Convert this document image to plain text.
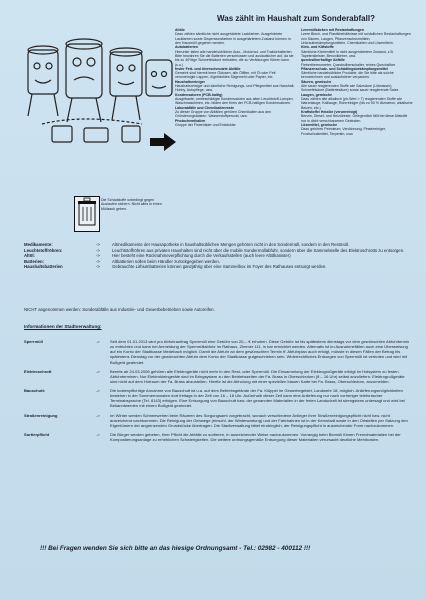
Was zählt im Haushalt zum Sonderabfall?
Die Schadstoffe unbedingt gegen Auslaufen sichern. Nicht alles in einen Müllsack geben.
Altöle
Dazu zählen sämtliche nicht ausgehärtete Lackfarben. Ausgehärtete Lackfarben sowie Dispersionsfarben in ausgehärtetem Zustand können in den Hausmüll gegeben werden.
Autobatterien
Hierunter fallen alle handelsüblichen Auto-, Motorrad- und Traktorbatterien. Bitte bewahren Sie die Batterien verschlossen und auslaufsicher auf, da sie bis zu 40%ige Schwefelsäure enthalten, die zu Verätzungen führen kann. (s.u.)
fester Fett- und ölverschmutzte Abfälle
Gemeint sind hiermit leere Öldosen, alle Ölfilter, mit Öl oder Fett verunreinigte Lappen, ölgetränktes Sägemehl oder Papier, etc.
Haushaltsreiniger
Haushaltsreiniger und sämtliche Reinigungs- und Pflegemittel aus Haushalt, Hobby, Autopflege, usw.
Kondensatoren (PCB-haltig)
Ausgebaute, umbeschädigte Kondensatoren aus alten Leuchtstoff-Lampen, Waschmaschinen, etc. bilden den Kreis der PCB-haltigen Kondensatoren.
Laborabfälle und Chemikalienreste
Zu dieser Gruppe von Abfällen gehören Chemikalien aus den Gründerungsbasten. Wasserstoffperoxid, usw.
Photochemikalien
Gruppe der Fixierbäder und Entwickler.
Leermüllsäcken mit Restanhaftungen
Leere Blech- und Plastikbehältnisse mit schädlichen Restanhaftungen von Säuren, Laugen, Pflanzenschutzmitteln, Unkrautbekämpfungsmitteln, Chemikalien und Lösemitteln.
Kleb- und Kittstoffe
Sämtliche Klebemittel in nicht ausgehärtetem Zustand, z.B. Tapetenkleister, Benzolkleber, usw.
quecksilberhaltige Abfälle
Fieberthermometer, Quecksilberschalter, reines Quecksilber
Pflanzenschutz- und Schädlingsbekämpfungsmittel
Sämtliche handelsübliche Produkte, die Sie bitte als solche kennzeichnen und auslaufsicher verpacken.
Säuren, gemische
Alle sauer reagierenden Stoffe wie Salzsäure (Lötwasser), Schwefelsäure (Batteriesäure) sowie sauer reagierende Salze.
Laugen, gemische
Dazu zählen alle alkalisch (ph-Wert > 7) reagierenden Stoffe wie Natronlauge, Kalilauge, Rohrreiniger (bis zu 90 % Ätznatron, alkalische Beizen, etc.)
Kraftstoffe/ Heizöle (verunreinigt)
Benzin, Diesel- und Heizölreste. Gelegentlich fällt bei diese Altstoffe nur in dicht verschlossenen Gebinden.
Lösemittel, gemische
Dazu gehören Petroleum, Verdünnung, Pinselreiniger, Frostschutzmittel, Terpentin, usw.
Medikamente:	->	Altmedikamente der Hausapotheke in haushaltsüblichen Mengen gehören nicht in den Sondermüll, sondern in den Restmüll.
Leuchtstoffröhren:	->	Leuchtstoffröhren aus privaten Haushalten sind nicht über die mobile Sondermüllabfuhr, sondern über die Sammelstelle des Elektroschrotts zu entsorgen.
Altöl:	->	Hier besteht eine Rücknahmeverpflichtung durch die Verkaufsstellen (auch leere Altölkanister)
Batterien:	->	Altbatterien sollen beim Händler zurückgegeben werden.
Haushaltsbatterien	->	Gebrauchte Lithiumbatterien können ganzjährig über eine Sammelbox im Foyer des Rathauses entsorgt werden.
NICHT angenommen werden: Sonderabfälle aus Industrie- und Gewerbebetrieben sowie Autoreifen.
Informationen der Stadtverwaltung:
Sperrmüll	->	Seit dem 01.01.2013 wird pro Abfuhrauftrag Sperrmüll eine Gebühr von 20,-- € erhoben. Diese Gebühr ist bis spätestens dienstags vor dem gewünschten Abfuhrtermin zu entrichten und kann bei Anmeldung der Sperrmüllabfuhr im Rathaus, Zimmer 111, in bar entrichtet werden. Alternativ ist im Ausnahmefällen auch eine Überweisung auf ein Konto der Stadtkasse Medebach möglich. Damit die Abfuhr an dem gewünschten Termin ff. Abfuhrplan auch erfolgt, müsste in diesen Fällen der Betrag bis spätestens Dienstag vor der gewünschten Abfuhr dem Konto der Stadtkasse gutgeschrieben sein. Widerrechtliches Entsorgen von Sperrmüll ist verboten und wird mit Bußgeld geahndet.
Elektroschrott	->	Bereits ab 24.03.2006 gehören alle Elektrogeräte nicht mehr in den Rest- oder Sperrmüll. Die Einsammlung der Elektrogroßgeräte erfolgt im Holsystem zu festen Abfuhrterminen. Nur Elektrokleingeräte sind im Bringsystem zu den Betriebszeiten der Fa. Brass in Oberschledorn (8 – 16 Uhr) selbst anzuliefern. Elektrogroßgeräte sind nicht auf dem Hofraum der Fa. Brass abzustellen. Hierfür ist die Abholung mit einer speziellen blauen Karte bei Fa. Brass, Oberschledorn, anzumelden.
Bauschutt:	->	Die kostenpflichtige Annahme von Bauschutt ist u.a. auf dem Betriebsgelände der Fa. Klüppel im Gewerbegebiet, Landwehr 18, möglich. Anlieferungsmöglichkeiten bestehen in der Sommermonaten dort freitags in der Zeit von 16 – 18 Uhr. Außerhalb dieser Zeit kann eine Anlieferung nur nach vorheriger telefonischer Terminabsprache (Tel. 8143) erfolgen. Eine Entsorgung von Bauschutt bzw. der genannten Materialien in der freien Landschaft ist strengstens untersagt und wird bei Bekanntwerden mit einem Bußgeld geahndet.
Straßenreinigung	->	Im Winter werden Schneewehen beim Räumen des Sorgungsamt vorgebracht, wonach verschiedene Anlieger ihrer Straßenreinigungspflicht nicht bzw. nicht ausreichend nachkommen. Die Reinigung der Gehwege (einschl. der Winterwartung) und der Fahrbahnen ist in der Kernstadt sowie in den Ortsteilen per Satzung den Eigentümern der angrenzenden Grundstücke übertragen. Die Stadtverwaltung bittet eindringlich, der Reinigungspflicht in ausreichender Form nachzukommen.
Sortierpflicht	->	Die Bürger werden gebeten, ihrer Pflicht die Abfälle zu sortieren, in ausreichender Weise nachzukommen. Vorrangig beim Biomüll führen Fremdmaterialien bei der Kompostierungsanlage zu erheblichen Schwierigkeiten. Die weitere ordnungsgemäße Entsorgung dieser Materialien verursacht deutliche Mehrkosten.
!!! Bei Fragen wenden Sie sich bitte an das hiesige Ordnungsamt - Tel.: 02982 - 400112 !!!
